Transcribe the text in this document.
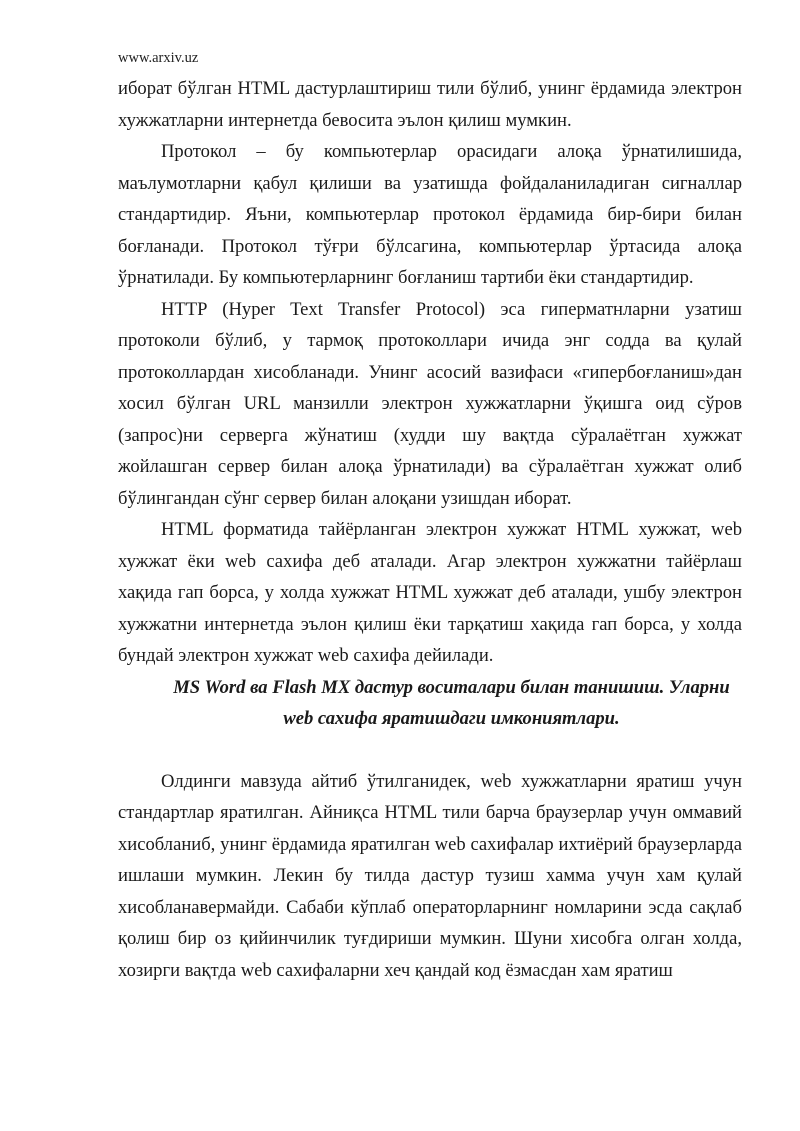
www.arxiv.uz

иборат бўлган HTML дастурлаштириш тили бўлиб, унинг ёрдамида электрон хужжатларни интернетда бевосита эълон қилиш мумкин.

Протокол – бу компьютерлар орасидаги алоқа ўрнатилишида, маълумотларни қабул қилиши ва узатишда фойдаланиладиган сигналлар стандартидир. Яъни, компьютерлар протокол ёрдамида бир-бири билан боғланади. Протокол тўғри бўлсагина, компьютерлар ўртасида алоқа ўрнатилади. Бу компьютерларнинг боғланиш тартиби ёки стандартидир.

HTTP (Hyper Text Transfer Protocol) эса гиперматнларни узатиш протоколи бўлиб, у тармоқ протоколлари ичида энг содда ва қулай протоколлардан хисобланади. Унинг асосий вазифаси «гипербоғланиш»дан хосил бўлган URL манзилли электрон хужжатларни ўқишга оид сўров (запрос)ни серверга жўнатиш (худди шу вақтда сўралаётган хужжат жойлашган сервер билан алоқа ўрнатилади) ва сўралаётган хужжат олиб бўлингандан сўнг сервер билан алоқани узишдан иборат.

HTML форматида тайёрланган электрон хужжат HTML хужжат, web хужжат ёки web сахифа деб аталади. Агар электрон хужжатни тайёрлаш хақида гап борса, у холда хужжат HTML хужжат деб аталади, ушбу электрон хужжатни интернетда эълон қилиш ёки тарқатиш хақида гап борса, у холда бундай электрон хужжат web сахифа дейилади.

MS Word ва Flash MX дастур воситалари билан танишиш. Уларни
web сахифа яратишдаги имкониятлари.

Олдинги мавзуда айтиб ўтилганидек, web хужжатларни яратиш учун стандартлар яратилган. Айниқса HTML тили барча браузерлар учун оммавий хисобланиб, унинг ёрдамида яратилган web сахифалар ихтиёрий браузерларда ишлаши мумкин. Лекин бу тилда дастур тузиш хамма учун хам қулай хисобланавермайди. Сабаби кўплаб операторларнинг номларини эсда сақлаб қолиш бир оз қийинчилик туғдириши мумкин. Шуни хисобга олган холда, хозирги вақтда web сахифаларни хеч қандай код ёзмасдан хам яратиш
